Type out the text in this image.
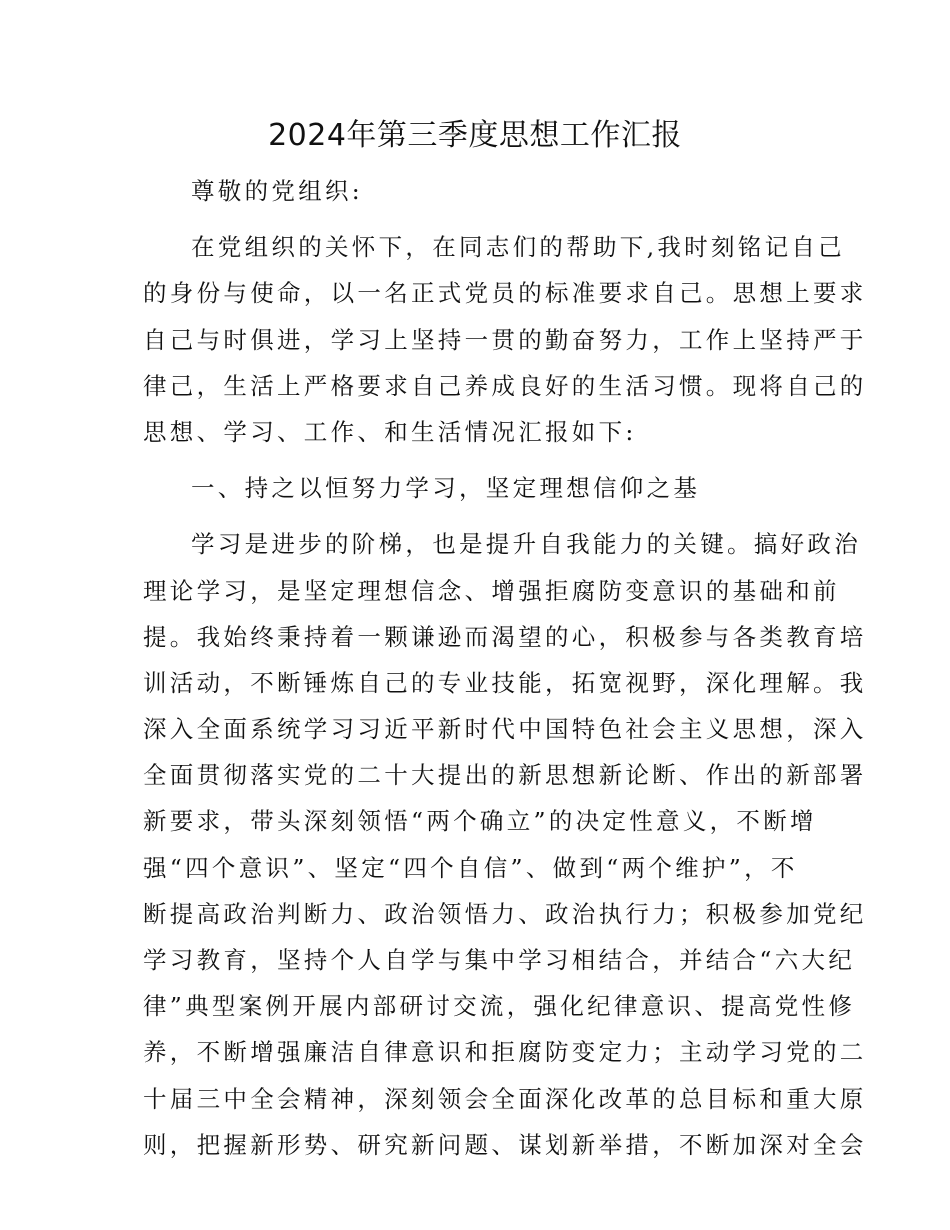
2024年第三季度思想工作汇报
尊敬的党组织:
在党组织的关怀下，在同志们的帮助下,我时刻铭记自己
的身份与使命，以一名正式党员的标准要求自己。思想上要求
自己与时俱进，学习上坚持一贯的勤奋努力，工作上坚持严于
律己，生活上严格要求自己养成良好的生活习惯。现将自己的
思想、学习、工作、和生活情况汇报如下:
一、持之以恒努力学习，坚定理想信仰之基
学习是进步的阶梯，也是提升自我能力的关键。搞好政治
理论学习，是坚定理想信念、增强拒腐防变意识的基础和前
提。我始终秉持着一颗谦逊而渴望的心，积极参与各类教育培
训活动，不断锤炼自己的专业技能，拓宽视野，深化理解。我
深入全面系统学习习近平新时代中国特色社会主义思想，深入
全面贯彻落实党的二十大提出的新思想新论断、作出的新部署
新要求，带头深刻领悟“两个确立”的决定性意义，不断增
强“四个意识”、坚定“四个自信”、做到“两个维护”，不
断提高政治判断力、政治领悟力、政治执行力；积极参加党纪
学习教育，坚持个人自学与集中学习相结合，并结合“六大纪
律”典型案例开展内部研讨交流，强化纪律意识、提高党性修
养，不断增强廉洁自律意识和拒腐防变定力；主动学习党的二
十届三中全会精神，深刻领会全面深化改革的总目标和重大原
则，把握新形势、研究新问题、谋划新举措，不断加深对全会
